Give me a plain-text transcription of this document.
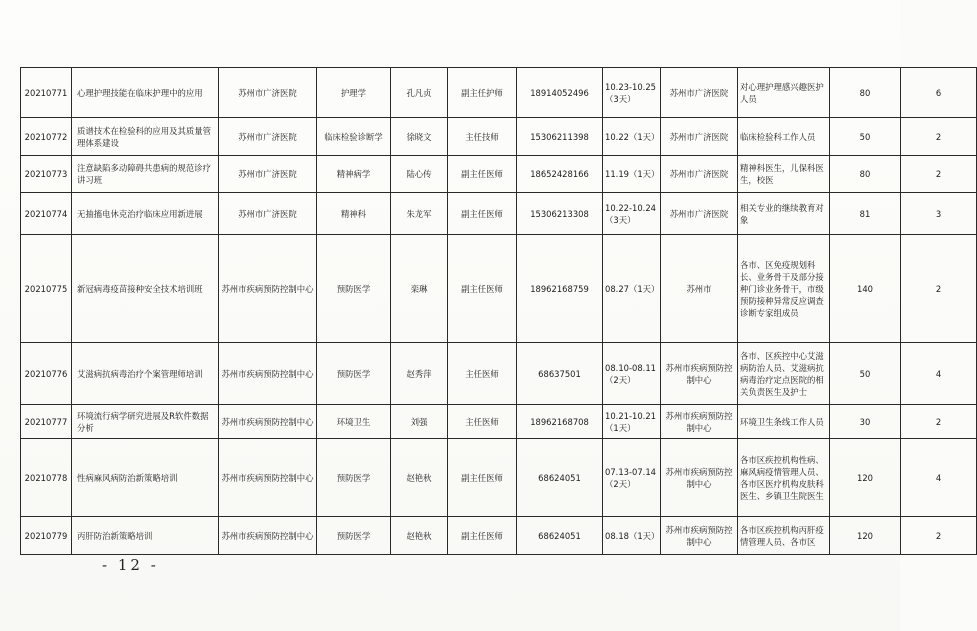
20210771	心理护理技能在临床护理中的应用	苏州市广济医院	护理学	孔凡贞	副主任护师	18914052496	10.23-10.25（3天）	苏州市广济医院	对心理护理感兴趣医护人员	80	6
20210772	质谱技术在检验科的应用及其质量管理体系建设	苏州市广济医院	临床检验诊断学	徐晓文	主任技师	15306211398	10.22（1天）	苏州市广济医院	临床检验科工作人员	50	2
20210773	注意缺陷多动障碍共患病的规范诊疗讲习班	苏州市广济医院	精神病学	陆心传	副主任医师	18652428166	11.19（1天）	苏州市广济医院	精神科医生，儿保科医生，校医	80	2
20210774	无抽搐电休克治疗临床应用新进展	苏州市广济医院	精神科	朱龙军	副主任医师	15306213308	10.22-10.24（3天）	苏州市广济医院	相关专业的继续教育对象	81	3
20210775	新冠病毒疫苗接种安全技术培训班	苏州市疾病预防控制中心	预防医学	栾琳	副主任医师	18962168759	08.27（1天）	苏州市	各市、区免疫规划科长、业务骨干及部分接种门诊业务骨干，市级预防接种异常反应调查诊断专家组成员	140	2
20210776	艾滋病抗病毒治疗个案管理师培训	苏州市疾病预防控制中心	预防医学	赵秀萍	主任医师	68637501	08.10-08.11（2天）	苏州市疾病预防控制中心	各市、区疾控中心艾滋病防治人员、艾滋病抗病毒治疗定点医院的相关负责医生及护士	50	4
20210777	环境流行病学研究进展及R软件数据分析	苏州市疾病预防控制中心	环境卫生	刘强	主任医师	18962168708	10.21-10.21（1天）	苏州市疾病预防控制中心	环境卫生条线工作人员	30	2
20210778	性病麻风病防治新策略培训	苏州市疾病预防控制中心	预防医学	赵艳秋	副主任医师	68624051	07.13-07.14（2天）	苏州市疾病预防控制中心	各市区疾控机构性病、麻风病疫情管理人员、各市区医疗机构皮肤科医生、乡镇卫生院医生	120	4
20210779	丙肝防治新策略培训	苏州市疾病预防控制中心	预防医学	赵艳秋	副主任医师	68624051	08.18（1天）	苏州市疾病预防控制中心	各市区疾控机构丙肝疫情管理人员、各市区	120	2
- 12 -
